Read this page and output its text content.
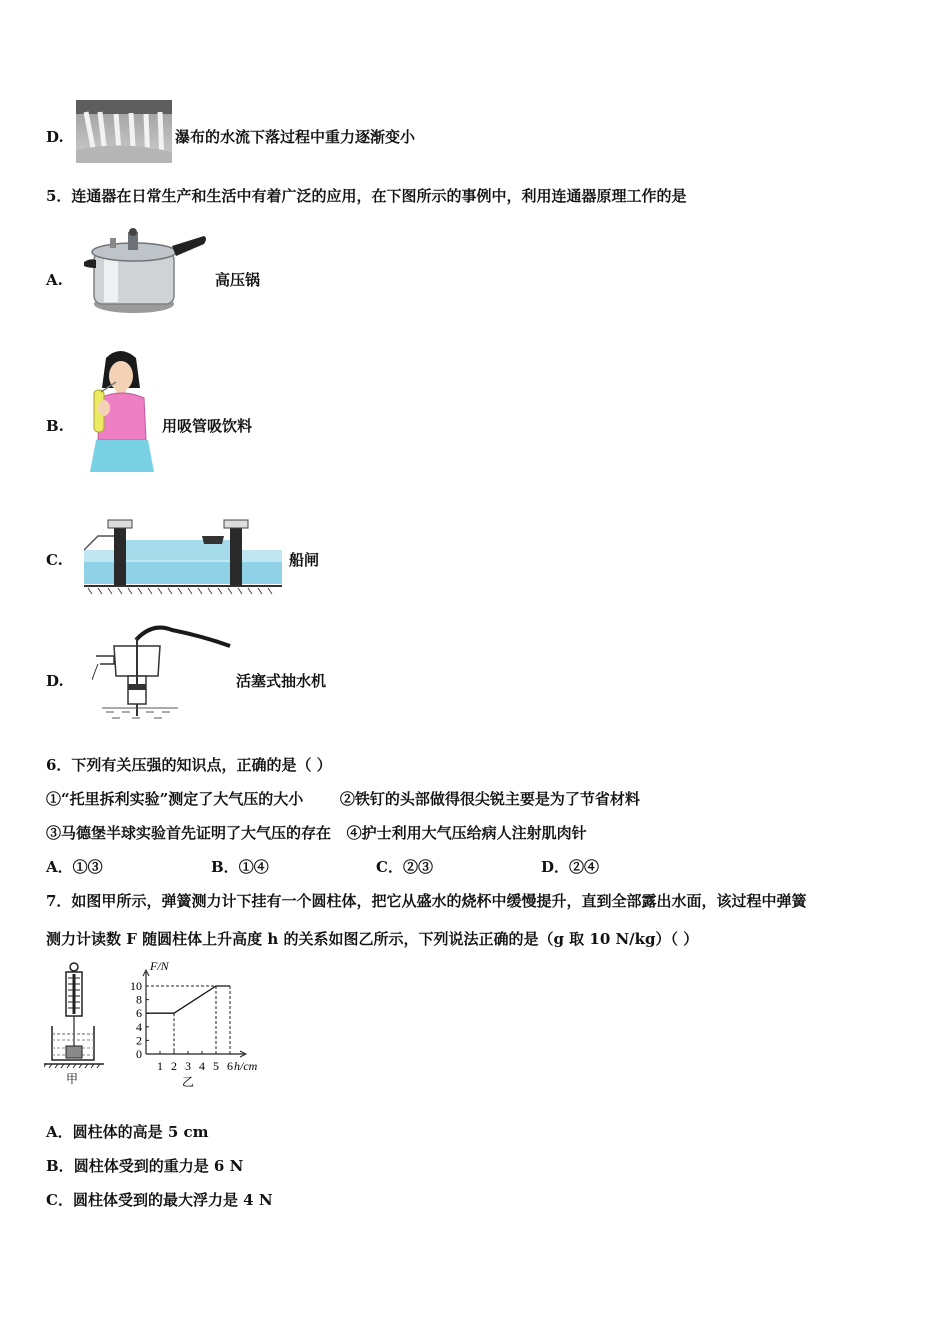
D.	瀑布的水流下落过程中重力逐渐变小
5．连通器在日常生产和生活中有着广泛的应用，在下图所示的事例中，利用连通器原理工作的是
A.	高压锅
B.	用吸管吸饮料
C.	船闸
D.	活塞式抽水机
6．下列有关压强的知识点，正确的是（ ）
①“托里拆利实验”测定了大气压的大小       ②铁钉的头部做得很尖锐主要是为了节省材料
③马德堡半球实验首先证明了大气压的存在   ④护士利用大气压给病人注射肌肉针
A．①③	B．①④	C．②③	D．②④
7．如图甲所示，弹簧测力计下挂有一个圆柱体，把它从盛水的烧杯中缓慢提升，直到全部露出水面，该过程中弹簧
测力计读数 F 随圆柱体上升高度 h 的关系如图乙所示，下列说法正确的是（g 取 10 N/kg）（ ）
甲
F/N
h/cm
0
2
4
6
8
10
1 2 3 4 5 6
乙
A．圆柱体的高是 5 cm
B．圆柱体受到的重力是 6 N
C．圆柱体受到的最大浮力是 4 N
